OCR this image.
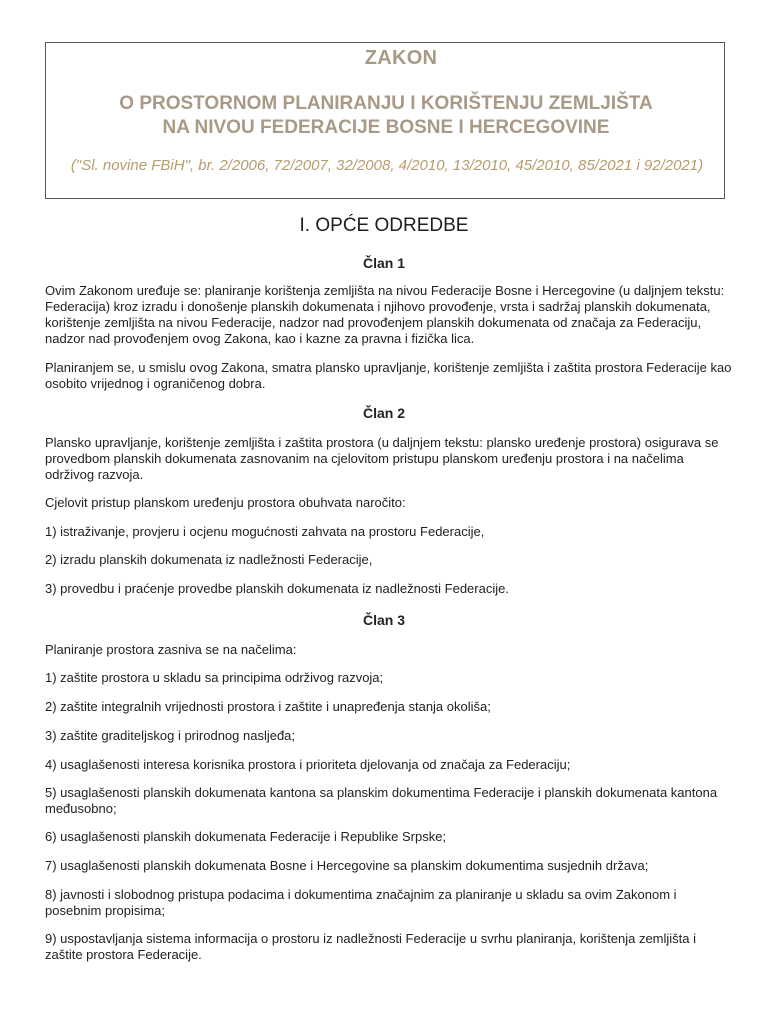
ZAKON
O PROSTORNOM PLANIRANJU I KORIŠTENJU ZEMLJIŠTA
NA NIVOU FEDERACIJE BOSNE I HERCEGOVINE
("Sl. novine FBiH", br. 2/2006, 72/2007, 32/2008, 4/2010, 13/2010, 45/2010, 85/2021 i 92/2021)
I. OPĆE ODREDBE
Član 1

Ovim Zakonom uređuje se: planiranje korištenja zemljišta na nivou Federacije Bosne i Hercegovine (u daljnjem tekstu: Federacija) kroz izradu i donošenje planskih dokumenata i njihovo provođenje, vrsta i sadržaj planskih dokumenata, korištenje zemljišta na nivou Federacije, nadzor nad provođenjem planskih dokumenata od značaja za Federaciju, nadzor nad provođenjem ovog Zakona, kao i kazne za pravna i fizička lica.

Planiranjem se, u smislu ovog Zakona, smatra plansko upravljanje, korištenje zemljišta i zaštita prostora Federacije kao osobito vrijednog i ograničenog dobra.

Član 2

Plansko upravljanje, korištenje zemljišta i zaštita prostora (u daljnjem tekstu: plansko uređenje prostora) osigurava se provedbom planskih dokumenata zasnovanim na cjelovitom pristupu planskom uređenju prostora i na načelima održivog razvoja.

Cjelovit pristup planskom uređenju prostora obuhvata naročito:

1) istraživanje, provjeru i ocjenu mogućnosti zahvata na prostoru Federacije,

2) izradu planskih dokumenata iz nadležnosti Federacije,

3) provedbu i praćenje provedbe planskih dokumenata iz nadležnosti Federacije.

Član 3

Planiranje prostora zasniva se na načelima:

1) zaštite prostora u skladu sa principima održivog razvoja;

2) zaštite integralnih vrijednosti prostora i zaštite i unapređenja stanja okoliša;

3) zaštite graditeljskog i prirodnog nasljeđa;

4) usaglašenosti interesa korisnika prostora i prioriteta djelovanja od značaja za Federaciju;

5) usaglašenosti planskih dokumenata kantona sa planskim dokumentima Federacije i planskih dokumenata kantona međusobno;

6) usaglašenosti planskih dokumenata Federacije i Republike Srpske;

7) usaglašenosti planskih dokumenata Bosne i Hercegovine sa planskim dokumentima susjednih država;

8) javnosti i slobodnog pristupa podacima i dokumentima značajnim za planiranje u skladu sa ovim Zakonom i posebnim propisima;

9) uspostavljanja sistema informacija o prostoru iz nadležnosti Federacije u svrhu planiranja, korištenja zemljišta i zaštite prostora Federacije.
